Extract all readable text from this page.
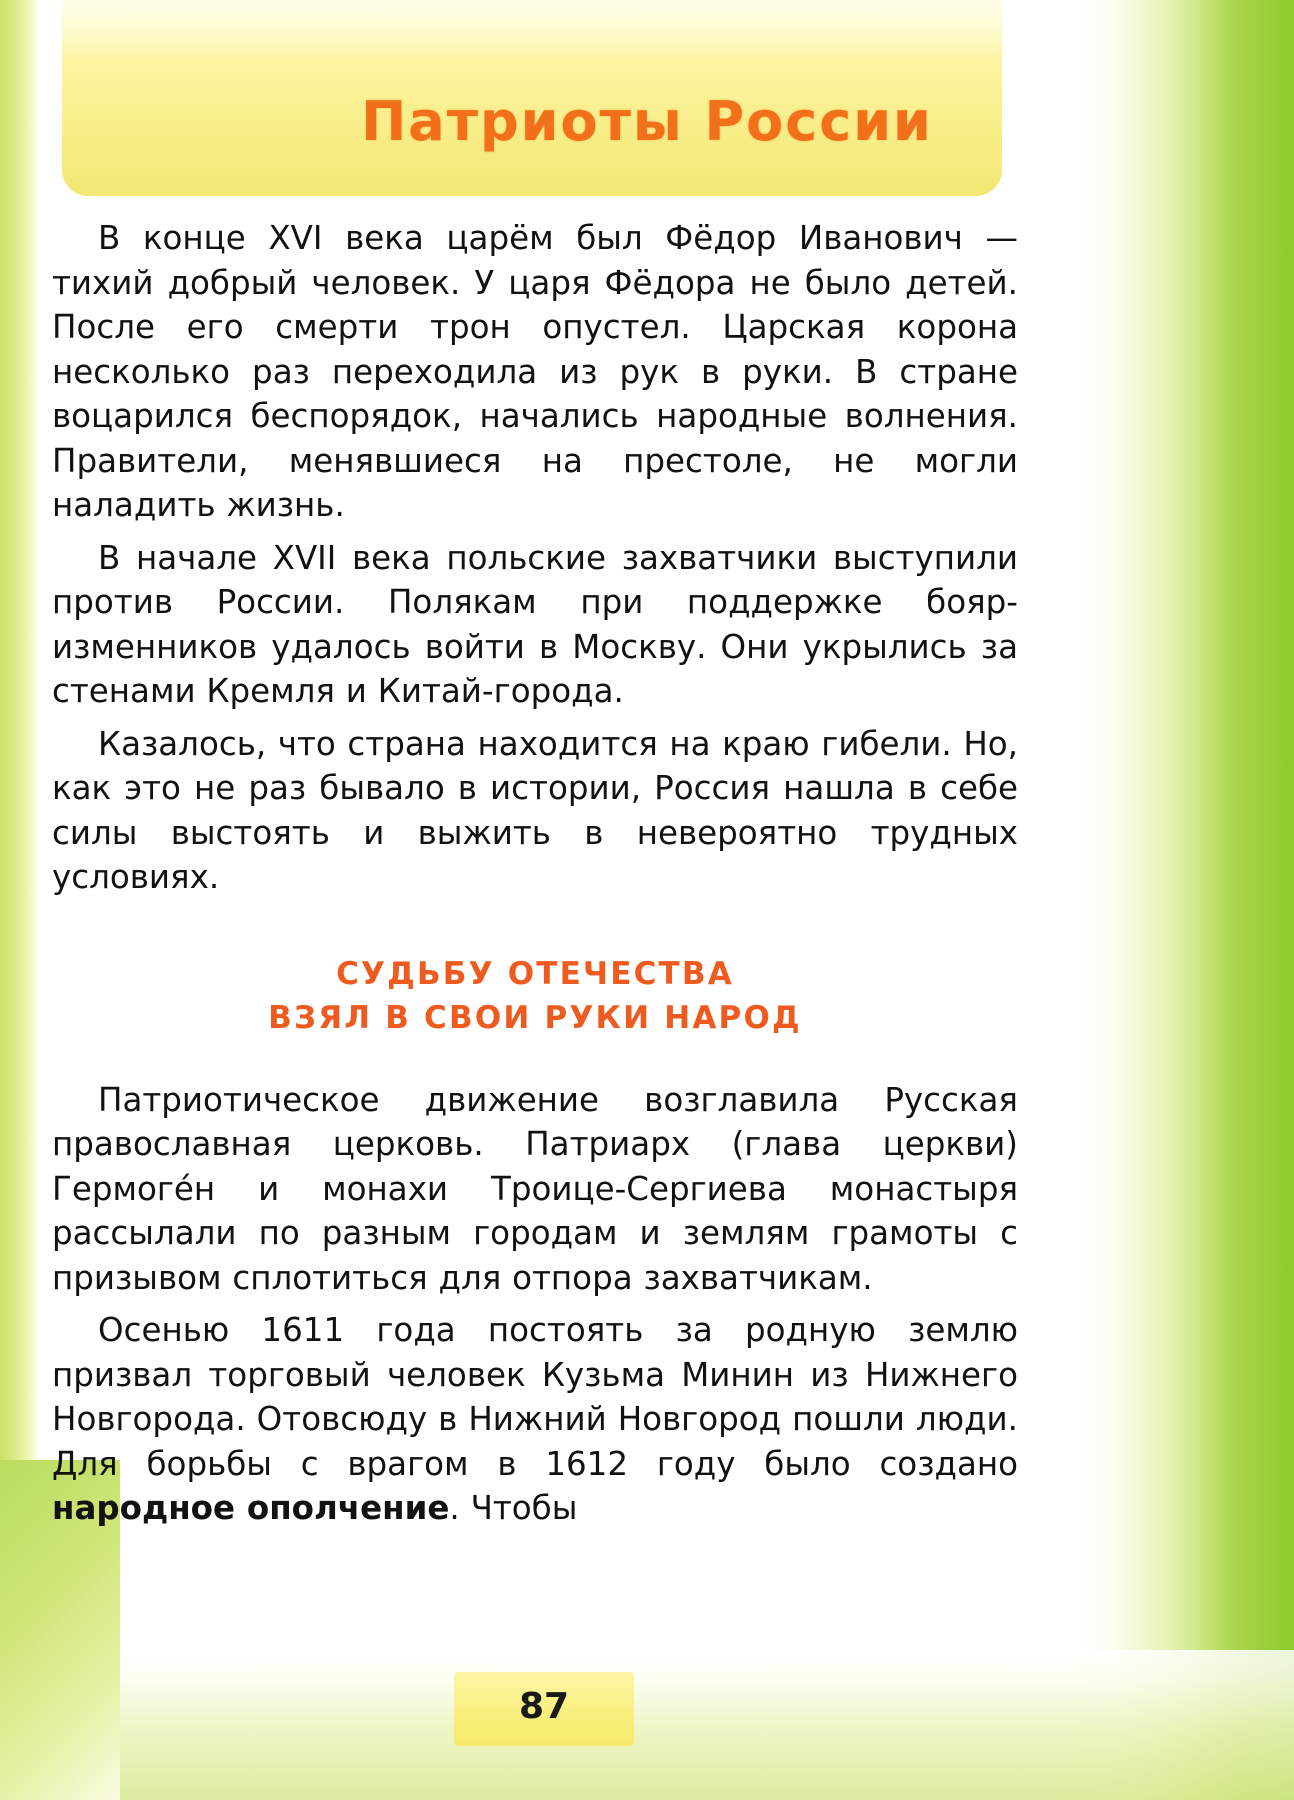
Патриоты России

В конце XVI века царём был Фёдор Иванович — тихий добрый человек. У царя Фёдора не было детей. После его смерти трон опустел. Царская корона несколько раз переходила из рук в руки. В стране воцарился беспорядок, начались народные волнения. Правители, менявшиеся на престоле, не могли наладить жизнь.

В начале XVII века польские захватчики выступили против России. Полякам при поддержке бояр-изменников удалось войти в Москву. Они укрылись за стенами Кремля и Китай-города.

Казалось, что страна находится на краю гибели. Но, как это не раз бывало в истории, Россия нашла в себе силы выстоять и выжить в невероятно трудных условиях.

СУДЬБУ ОТЕЧЕСТВА
ВЗЯЛ В СВОИ РУКИ НАРОД

Патриотическое движение возглавила Русская православная церковь. Патриарх (глава церкви) Гермоге́н и монахи Троице-Сергиева монастыря рассылали по разным городам и землям грамоты с призывом сплотиться для отпора захватчикам.

Осенью 1611 года постоять за родную землю призвал торговый человек Кузьма Минин из Нижнего Новгорода. Отовсюду в Нижний Новгород пошли люди. Для борьбы с врагом в 1612 году было создано народное ополчение. Чтобы

87
